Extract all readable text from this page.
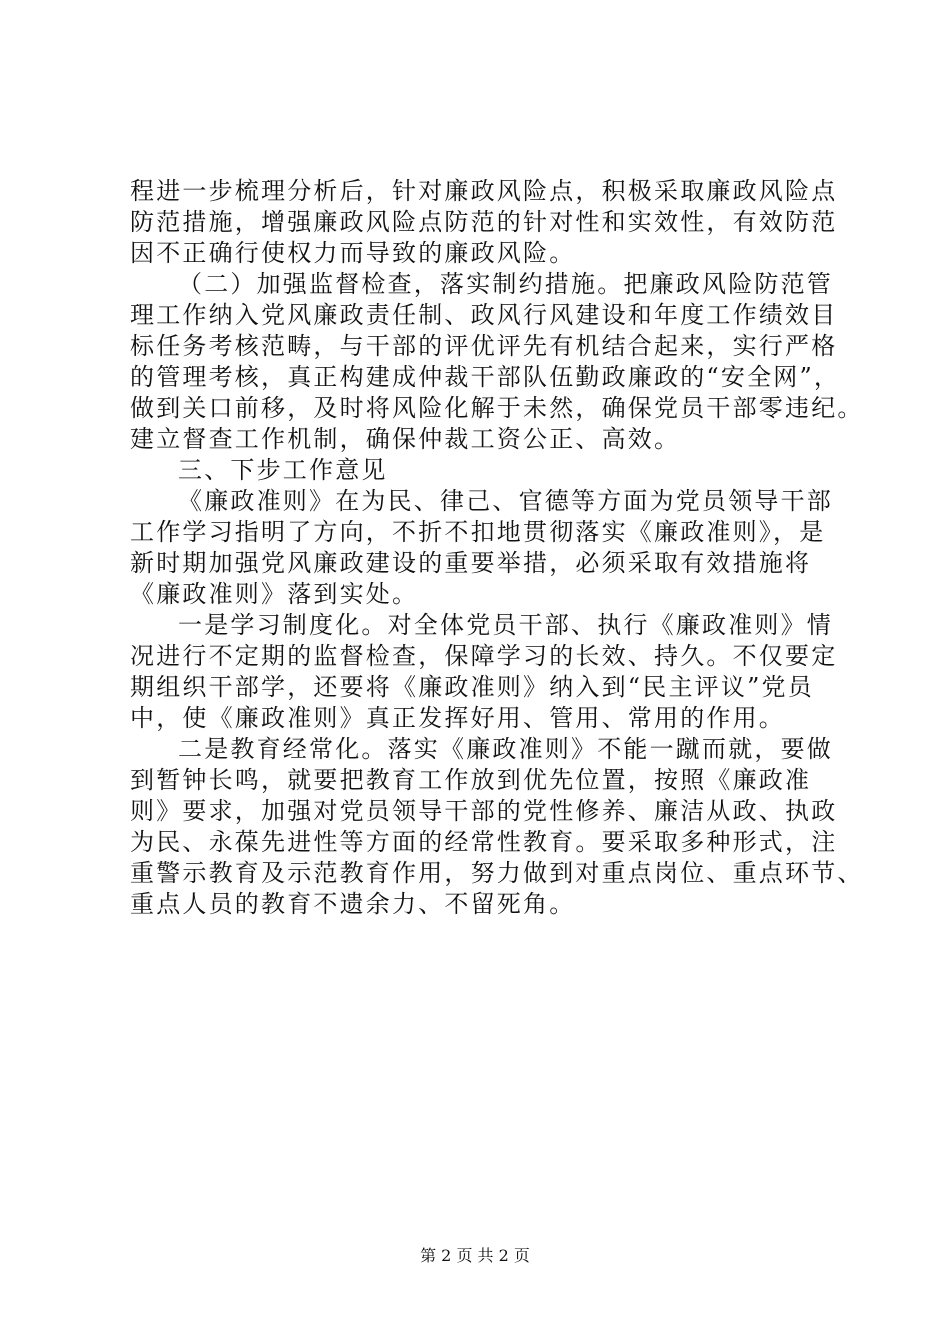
程进一步梳理分析后，针对廉政风险点，积极采取廉政风险点
防范措施，增强廉政风险点防范的针对性和实效性，有效防范
因不正确行使权力而导致的廉政风险。
（二）加强监督检查，落实制约措施。把廉政风险防范管
理工作纳入党风廉政责任制、政风行风建设和年度工作绩效目
标任务考核范畴，与干部的评优评先有机结合起来，实行严格
的管理考核，真正构建成仲裁干部队伍勤政廉政的“安全网”，
做到关口前移，及时将风险化解于未然，确保党员干部零违纪。
建立督查工作机制，确保仲裁工资公正、高效。
三、下步工作意见
《廉政准则》在为民、律己、官德等方面为党员领导干部
工作学习指明了方向，不折不扣地贯彻落实《廉政准则》，是
新时期加强党风廉政建设的重要举措，必须采取有效措施将
《廉政准则》落到实处。
一是学习制度化。对全体党员干部、执行《廉政准则》情
况进行不定期的监督检查，保障学习的长效、持久。不仅要定
期组织干部学，还要将《廉政准则》纳入到“民主评议”党员
中，使《廉政准则》真正发挥好用、管用、常用的作用。
二是教育经常化。落实《廉政准则》不能一蹴而就，要做
到暂钟长鸣，就要把教育工作放到优先位置，按照《廉政准
则》要求，加强对党员领导干部的党性修养、廉洁从政、执政
为民、永葆先进性等方面的经常性教育。要采取多种形式，注
重警示教育及示范教育作用，努力做到对重点岗位、重点环节、
重点人员的教育不遗余力、不留死角。
第 2 页 共 2 页
